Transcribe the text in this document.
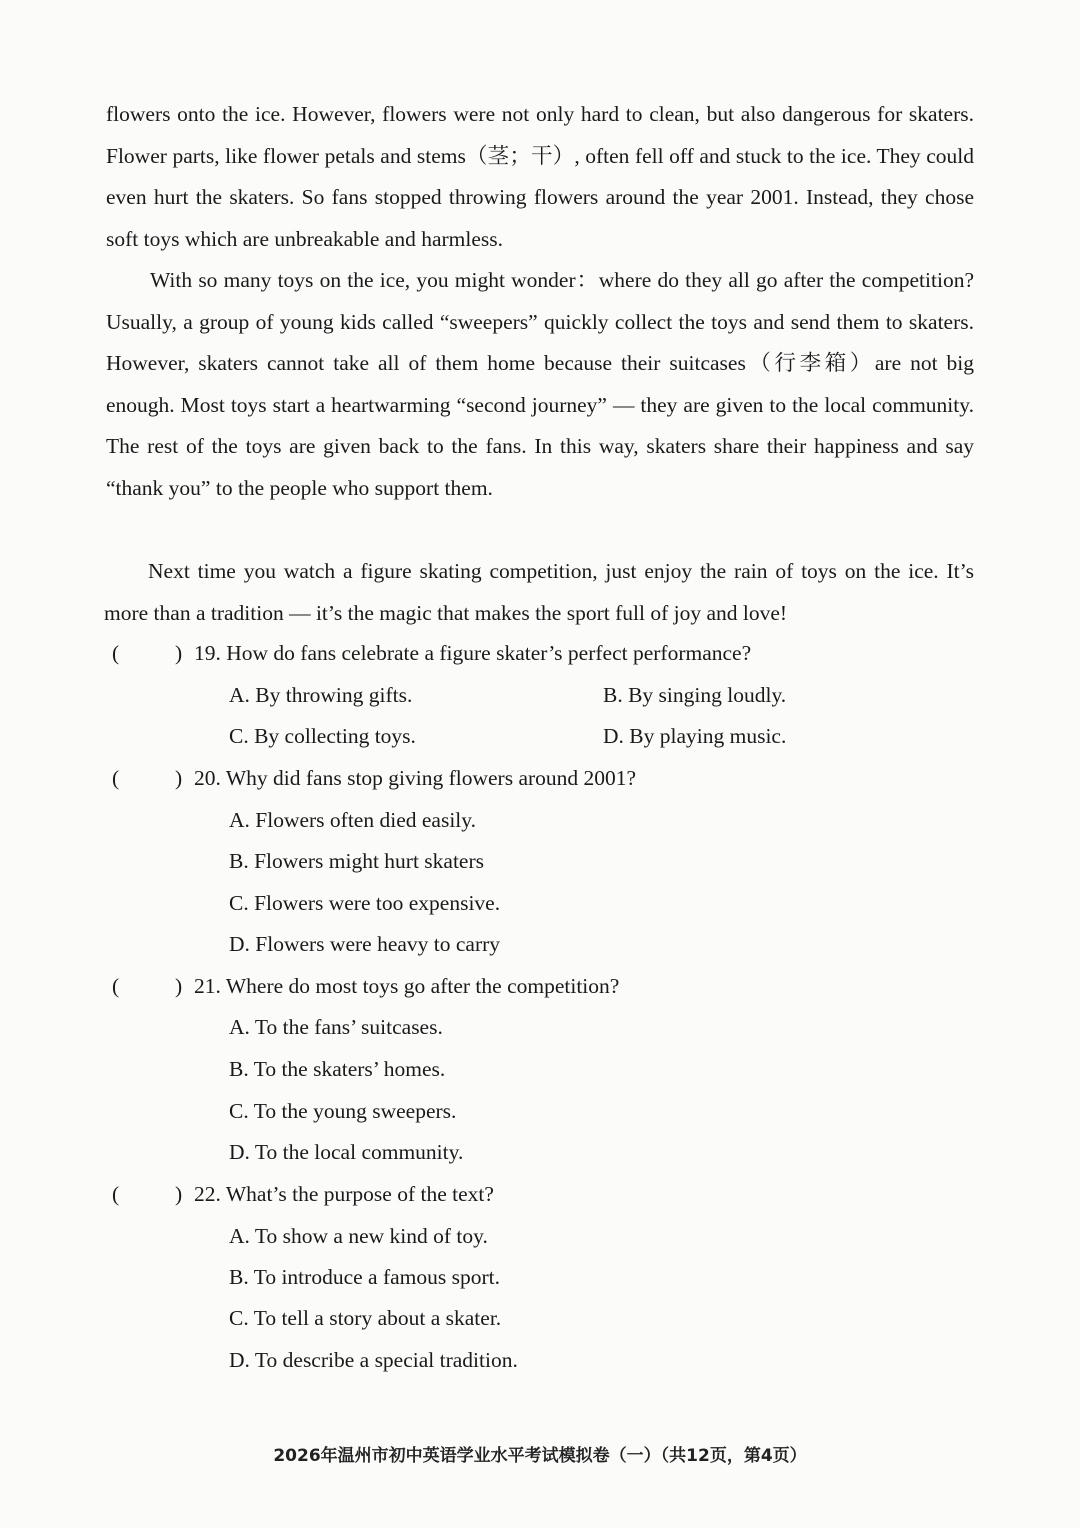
flowers onto the ice. However, flowers were not only hard to clean, but also dangerous for skaters. Flower parts, like flower petals and stems（茎；干）, often fell off and stuck to the ice. They could even hurt the skaters. So fans stopped throwing flowers around the year 2001. Instead, they chose soft toys which are unbreakable and harmless.

With so many toys on the ice, you might wonder：where do they all go after the competition? Usually, a group of young kids called “sweepers” quickly collect the toys and send them to skaters. However, skaters cannot take all of them home because their suitcases（行李箱）are not big enough. Most toys start a heartwarming “second journey” — they are given to the local community. The rest of the toys are given back to the fans. In this way, skaters share their happiness and say “thank you” to the people who support them.

Next time you watch a figure skating competition, just enjoy the rain of toys on the ice. It’s more than a tradition — it’s the magic that makes the sport full of joy and love!

(	) 19. How do fans celebrate a figure skater’s perfect performance?
A. By throwing gifts.	B. By singing loudly.
C. By collecting toys.	D. By playing music.
(	) 20. Why did fans stop giving flowers around 2001?
A. Flowers often died easily.
B. Flowers might hurt skaters
C. Flowers were too expensive.
D. Flowers were heavy to carry
(	) 21. Where do most toys go after the competition?
A. To the fans’ suitcases.
B. To the skaters’ homes.
C. To the young sweepers.
D. To the local community.
(	) 22. What’s the purpose of the text?
A. To show a new kind of toy.
B. To introduce a famous sport.
C. To tell a story about a skater.
D. To describe a special tradition.
2026年温州市初中英语学业水平考试模拟卷（一）（共12页，第4页）
